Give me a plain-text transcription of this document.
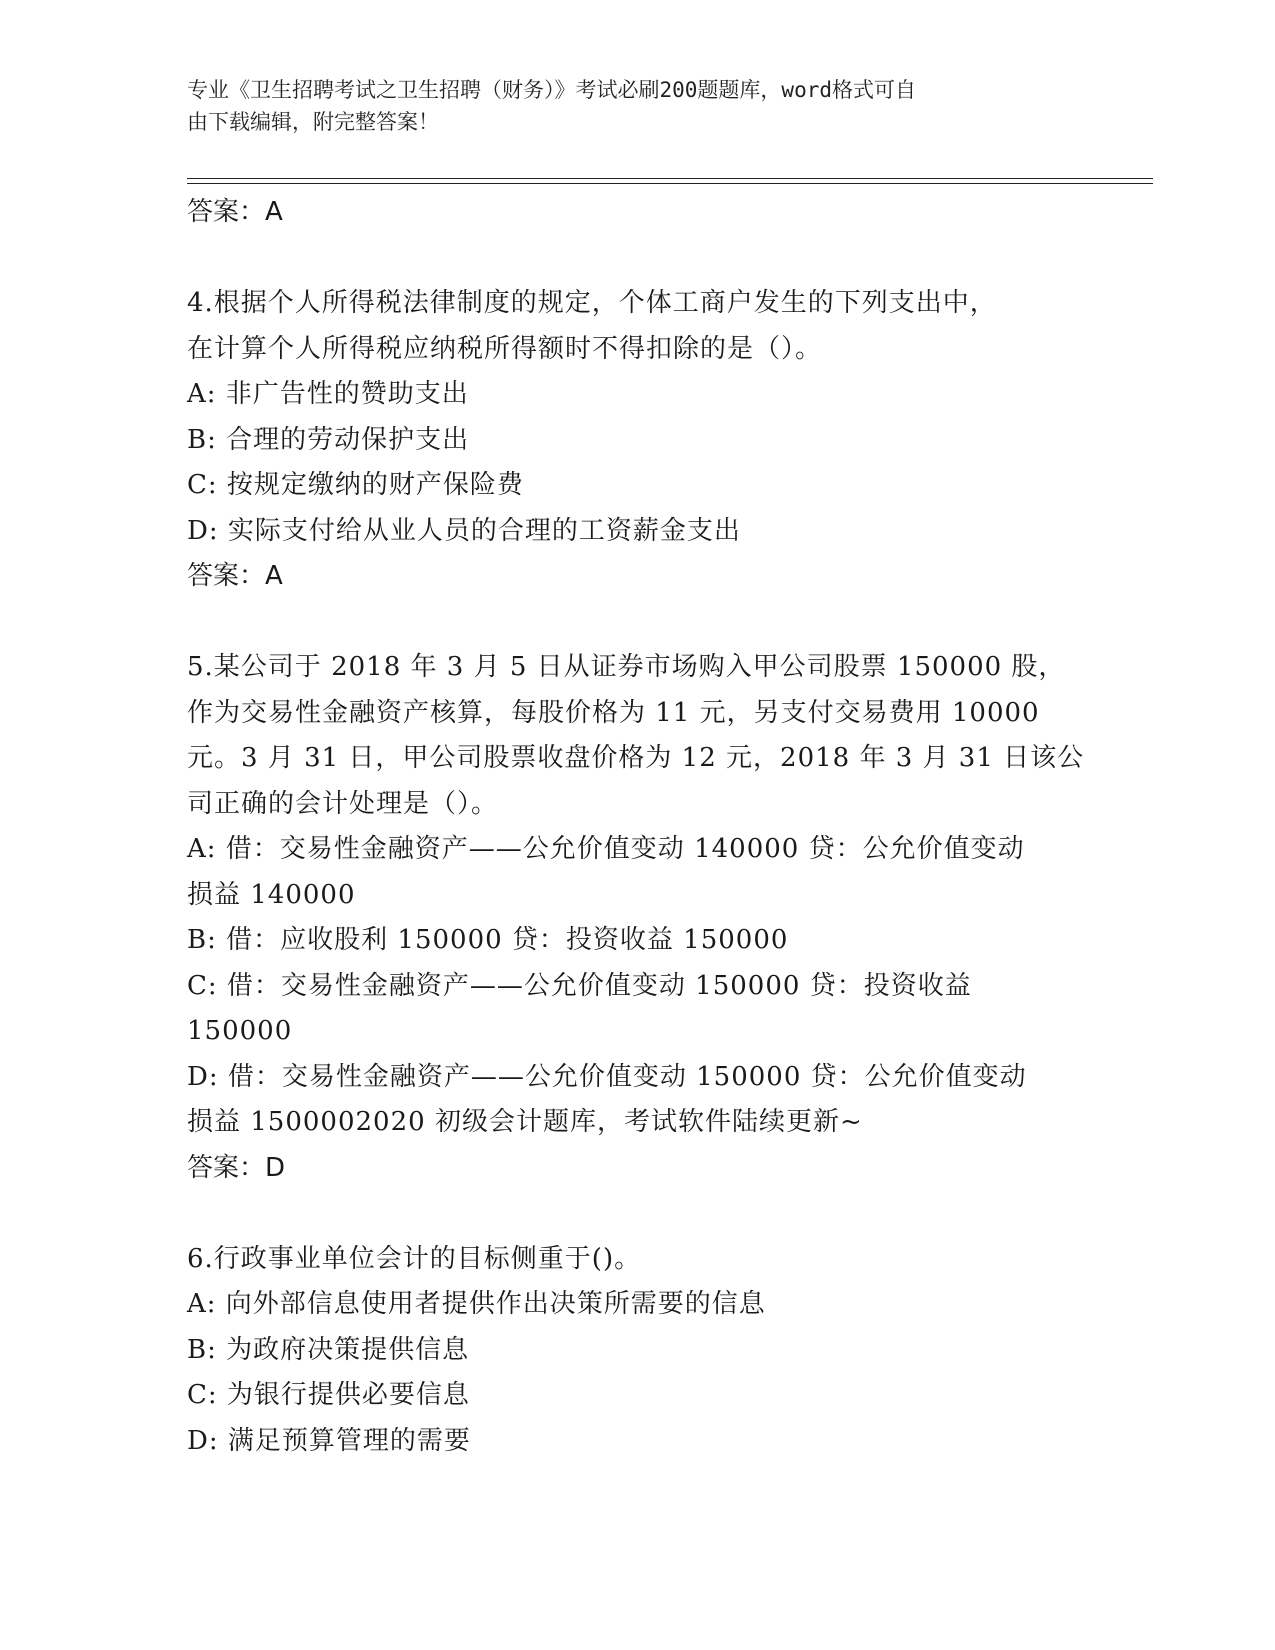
专业《卫生招聘考试之卫生招聘（财务）》考试必刷200题题库，word格式可自
由下载编辑，附完整答案！
答案：A
4.根据个人所得税法律制度的规定，个体工商户发生的下列支出中，
在计算个人所得税应纳税所得额时不得扣除的是（）。
A: 非广告性的赞助支出
B: 合理的劳动保护支出
C: 按规定缴纳的财产保险费
D: 实际支付给从业人员的合理的工资薪金支出
答案：A
5.某公司于 2018 年 3 月 5 日从证券市场购入甲公司股票 150000 股，
作为交易性金融资产核算，每股价格为 11 元，另支付交易费用 10000
元。3 月 31 日，甲公司股票收盘价格为 12 元，2018 年 3 月 31 日该公
司正确的会计处理是（）。
A: 借：交易性金融资产——公允价值变动 140000 贷：公允价值变动
损益 140000
B: 借：应收股利 150000 贷：投资收益 150000
C: 借：交易性金融资产——公允价值变动 150000 贷：投资收益
150000
D: 借：交易性金融资产——公允价值变动 150000 贷：公允价值变动
损益 1500002020 初级会计题库，考试软件陆续更新~
答案：D
6.行政事业单位会计的目标侧重于()。
A: 向外部信息使用者提供作出决策所需要的信息
B: 为政府决策提供信息
C: 为银行提供必要信息
D: 满足预算管理的需要
